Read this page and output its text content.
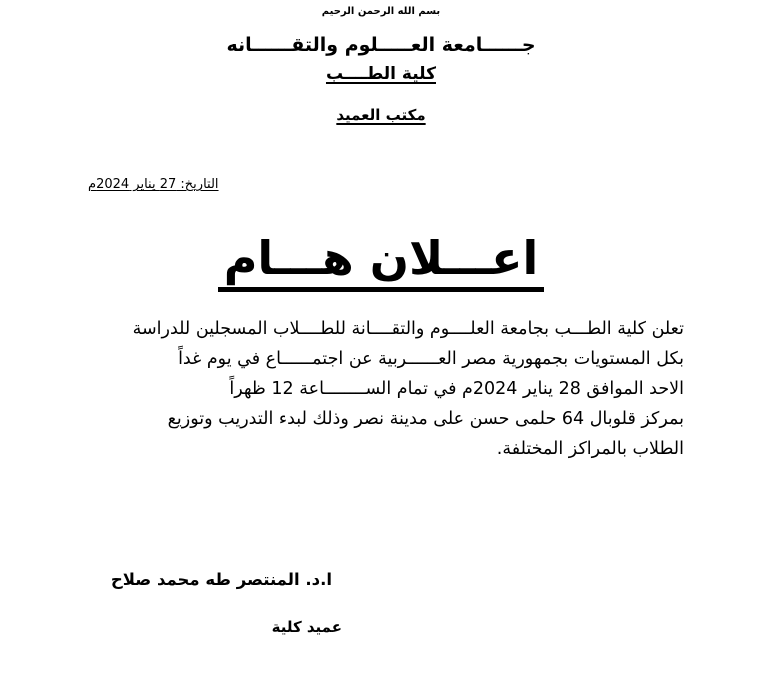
بسم الله الرحمن الرحيم
جــــــامعة العـــــلوم والتقــــــانه
كلية الطــــب
مكتب العميد
التاريخ: 27 يناير 2024م
اعـــلان هـــام

تعلن كلية الطـــب بجامعة العلــــوم والتقــــانة للطــــلاب المسجلين للدراسة
بكل المستويات بجمهورية مصر العــــــربية عن اجتمــــــاع في يوم غداً
الاحد الموافق 28 يناير 2024م في تمام الســــــــاعة 12 ظهراً
بمركز قلوبال 64 حلمى حسن على مدينة نصر وذلك لبدء التدريب وتوزيع
الطلاب بالمراكز المختلفة.

ا.د. المنتصر طه محمد صلاح
عميد كلية
